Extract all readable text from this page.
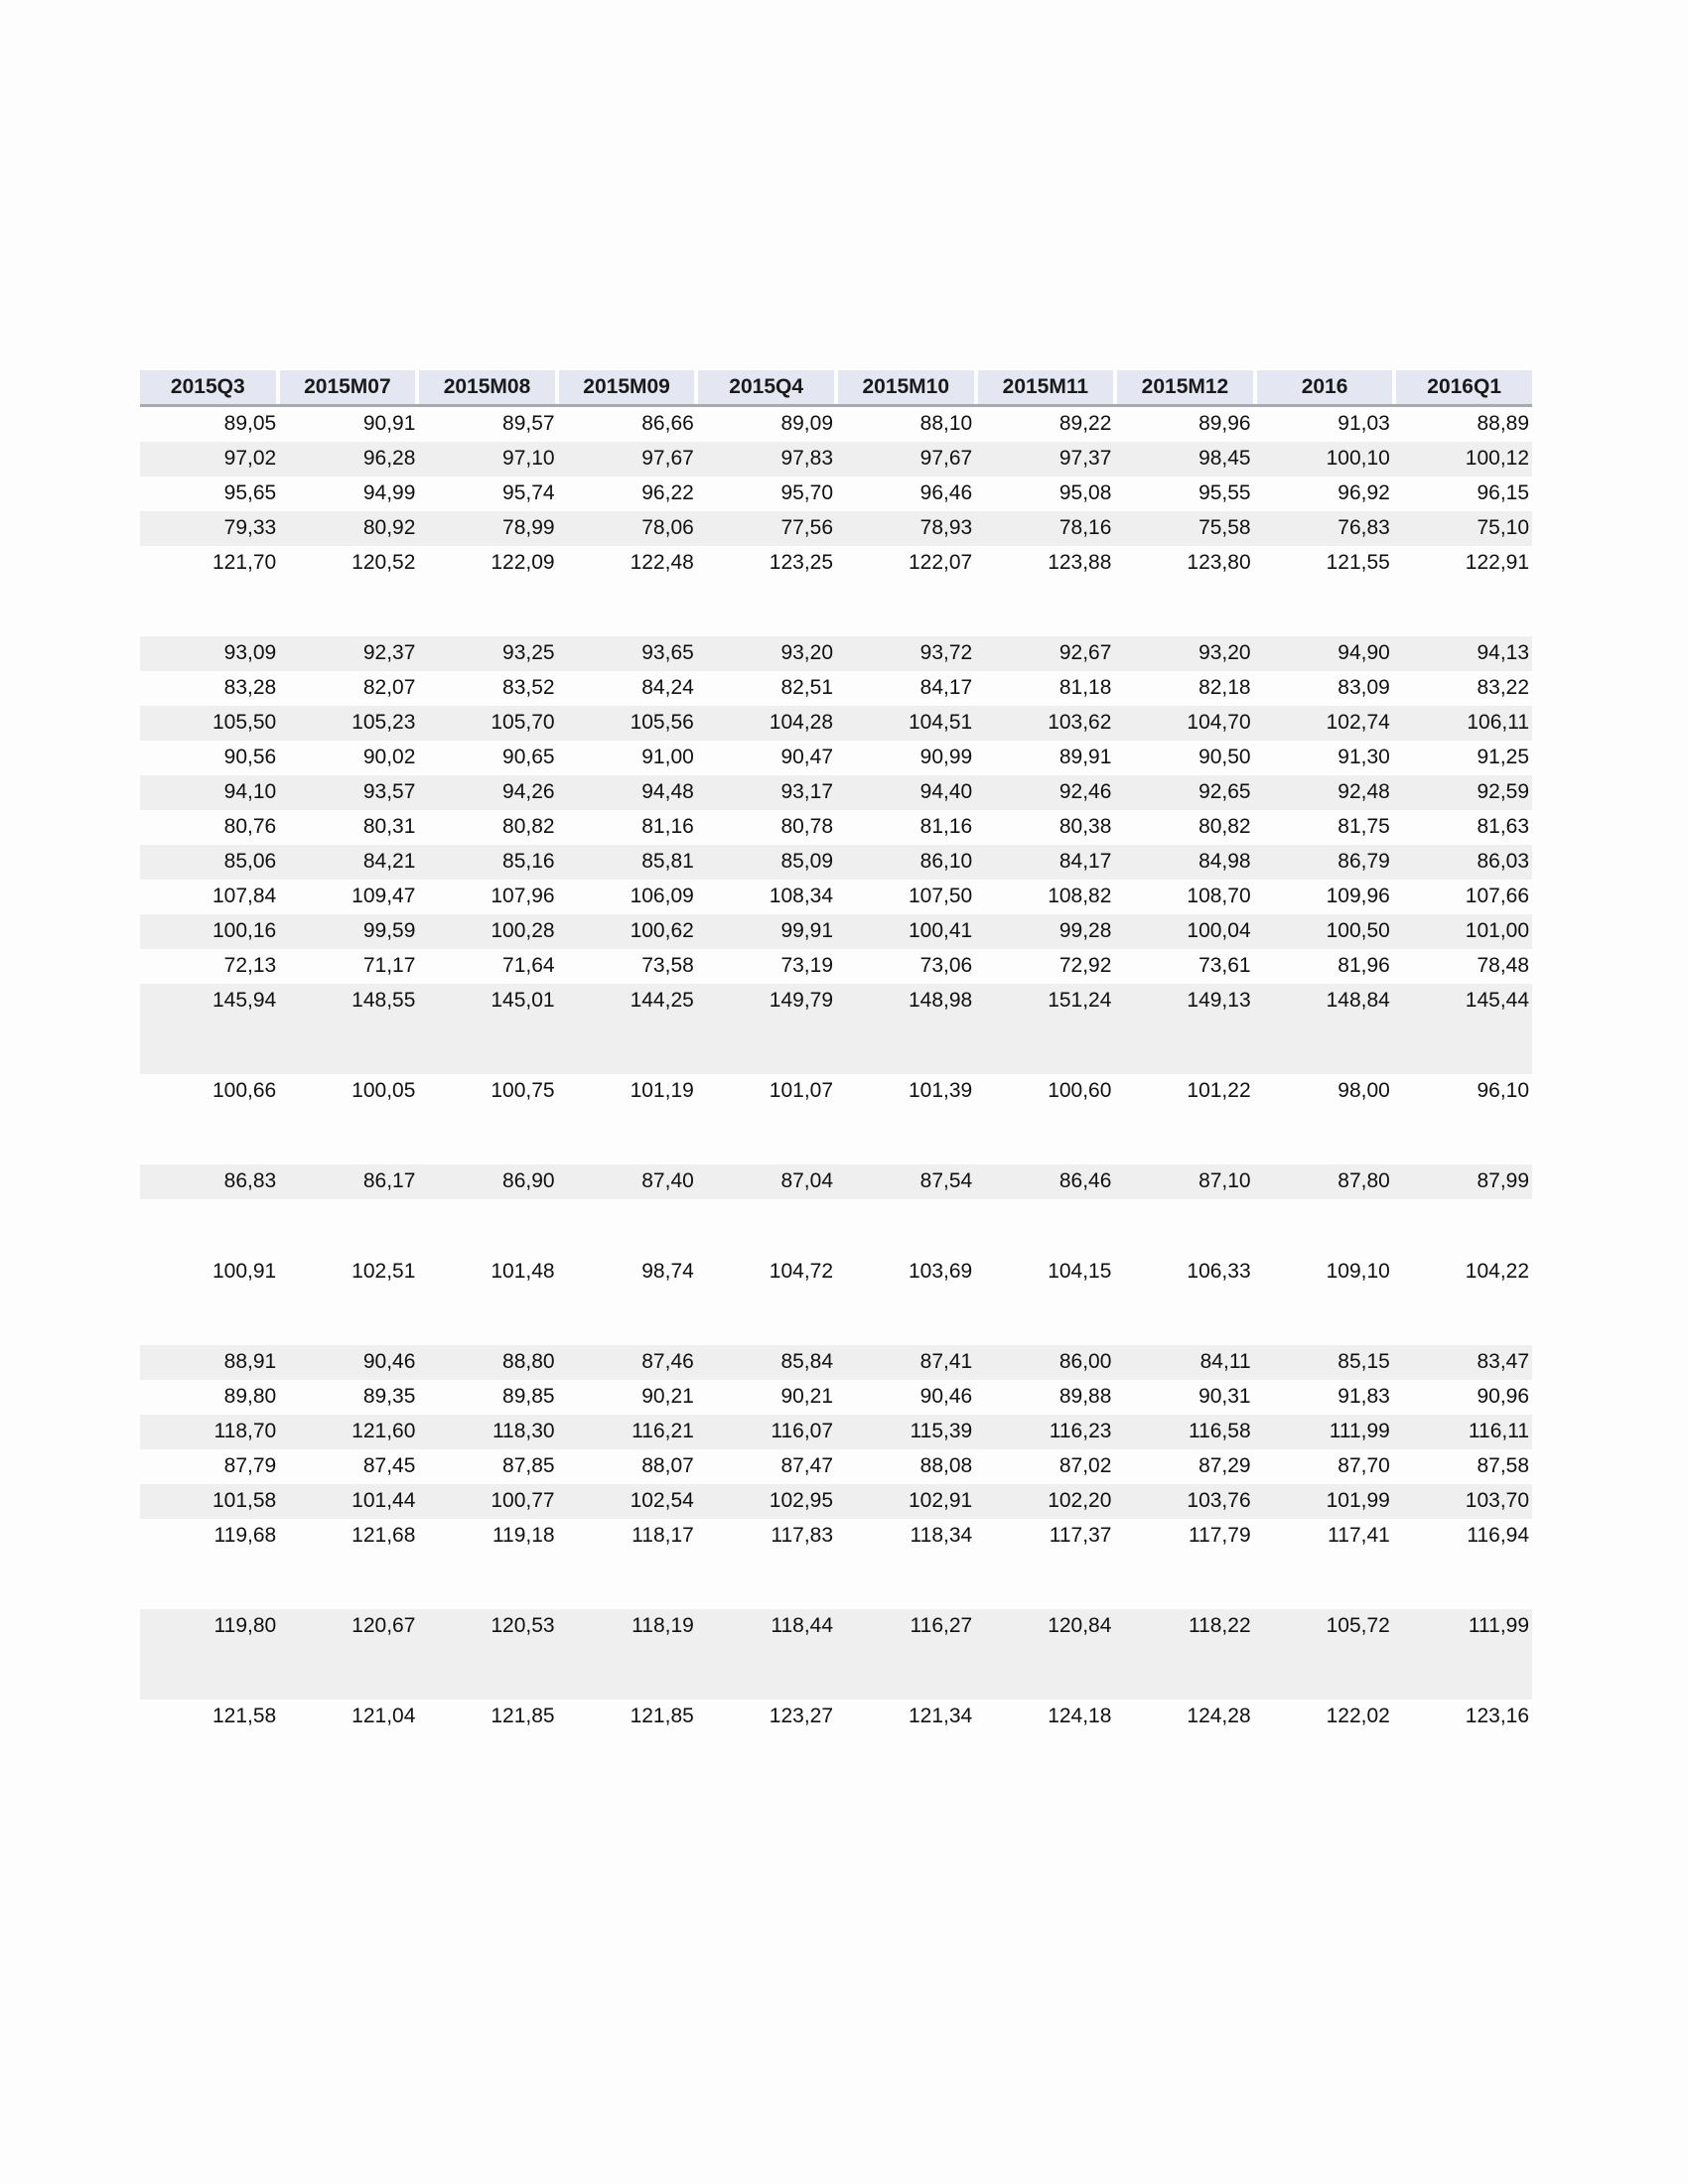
2015Q3	2015M07	2015M08	2015M09	2015Q4	2015M10	2015M11	2015M12	2016	2016Q1
89,05	90,91	89,57	86,66	89,09	88,10	89,22	89,96	91,03	88,89
97,02	96,28	97,10	97,67	97,83	97,67	97,37	98,45	100,10	100,12
95,65	94,99	95,74	96,22	95,70	96,46	95,08	95,55	96,92	96,15
79,33	80,92	78,99	78,06	77,56	78,93	78,16	75,58	76,83	75,10
121,70	120,52	122,09	122,48	123,25	122,07	123,88	123,80	121,55	122,91
93,09	92,37	93,25	93,65	93,20	93,72	92,67	93,20	94,90	94,13
83,28	82,07	83,52	84,24	82,51	84,17	81,18	82,18	83,09	83,22
105,50	105,23	105,70	105,56	104,28	104,51	103,62	104,70	102,74	106,11
90,56	90,02	90,65	91,00	90,47	90,99	89,91	90,50	91,30	91,25
94,10	93,57	94,26	94,48	93,17	94,40	92,46	92,65	92,48	92,59
80,76	80,31	80,82	81,16	80,78	81,16	80,38	80,82	81,75	81,63
85,06	84,21	85,16	85,81	85,09	86,10	84,17	84,98	86,79	86,03
107,84	109,47	107,96	106,09	108,34	107,50	108,82	108,70	109,96	107,66
100,16	99,59	100,28	100,62	99,91	100,41	99,28	100,04	100,50	101,00
72,13	71,17	71,64	73,58	73,19	73,06	72,92	73,61	81,96	78,48
145,94	148,55	145,01	144,25	149,79	148,98	151,24	149,13	148,84	145,44
100,66	100,05	100,75	101,19	101,07	101,39	100,60	101,22	98,00	96,10
86,83	86,17	86,90	87,40	87,04	87,54	86,46	87,10	87,80	87,99
100,91	102,51	101,48	98,74	104,72	103,69	104,15	106,33	109,10	104,22
88,91	90,46	88,80	87,46	85,84	87,41	86,00	84,11	85,15	83,47
89,80	89,35	89,85	90,21	90,21	90,46	89,88	90,31	91,83	90,96
118,70	121,60	118,30	116,21	116,07	115,39	116,23	116,58	111,99	116,11
87,79	87,45	87,85	88,07	87,47	88,08	87,02	87,29	87,70	87,58
101,58	101,44	100,77	102,54	102,95	102,91	102,20	103,76	101,99	103,70
119,68	121,68	119,18	118,17	117,83	118,34	117,37	117,79	117,41	116,94
119,80	120,67	120,53	118,19	118,44	116,27	120,84	118,22	105,72	111,99
121,58	121,04	121,85	121,85	123,27	121,34	124,18	124,28	122,02	123,16
